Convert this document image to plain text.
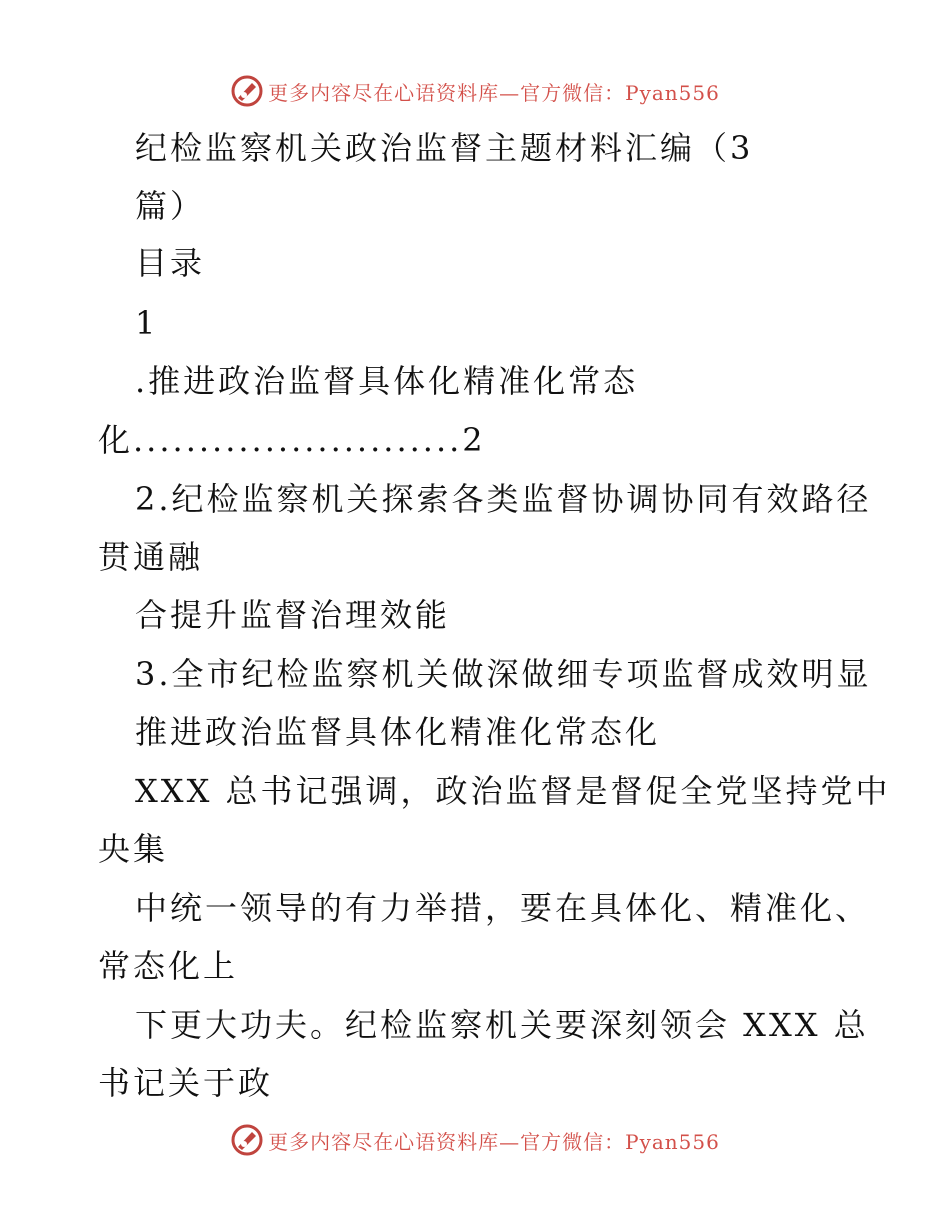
更多内容尽在心语资料库—官方微信：Pyan556

纪检监察机关政治监督主题材料汇编（3

篇）

目录

1

.推进政治监督具体化精准化常态

化.........................2

2.纪检监察机关探索各类监督协调协同有效路径

贯通融

合提升监督治理效能

3.全市纪检监察机关做深做细专项监督成效明显

推进政治监督具体化精准化常态化

XXX 总书记强调，政治监督是督促全党坚持党中

央集

中统一领导的有力举措，要在具体化、精准化、

常态化上

下更大功夫。纪检监察机关要深刻领会 XXX 总

书记关于政

更多内容尽在心语资料库—官方微信：Pyan556
